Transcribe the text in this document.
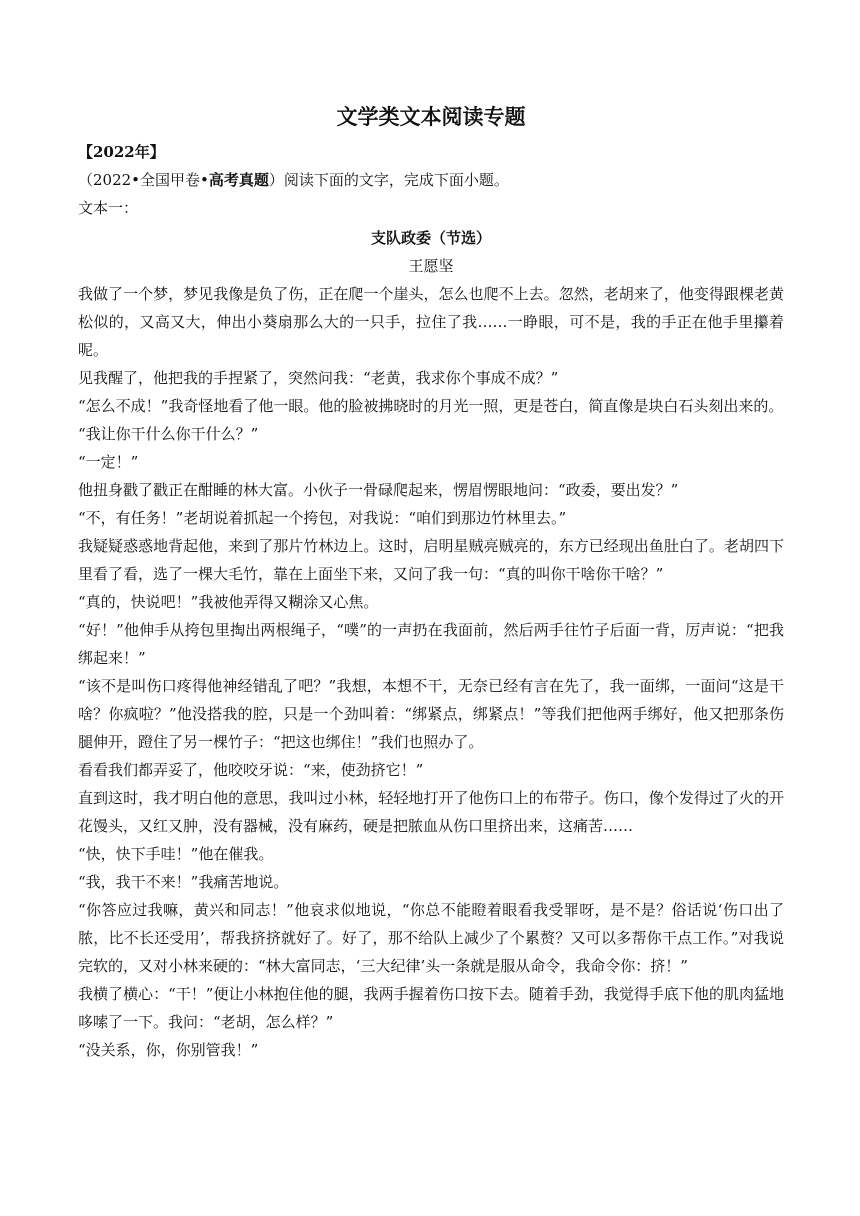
文学类文本阅读专题
【2022年】

（2022•全国甲卷•高考真题）阅读下面的文字，完成下面小题。

文本一：

支队政委（节选）
王愿坚

我做了一个梦，梦见我像是负了伤，正在爬一个崖头，怎么也爬不上去。忽然，老胡来了，他变得跟棵老黄松似的，又高又大，伸出小葵扇那么大的一只手，拉住了我……一睁眼，可不是，我的手正在他手里攥着呢。

见我醒了，他把我的手捏紧了，突然问我：“老黄，我求你个事成不成？”

“怎么不成！”我奇怪地看了他一眼。他的脸被拂晓时的月光一照，更是苍白，简直像是块白石头刻出来的。

“我让你干什么你干什么？”

“一定！”

他扭身戳了戳正在酣睡的林大富。小伙子一骨碌爬起来，愣眉愣眼地问：“政委，要出发？”

“不，有任务！”老胡说着抓起一个挎包，对我说：“咱们到那边竹林里去。”

我疑疑惑惑地背起他，来到了那片竹林边上。这时，启明星贼亮贼亮的，东方已经现出鱼肚白了。老胡四下里看了看，选了一棵大毛竹，靠在上面坐下来，又问了我一句：“真的叫你干啥你干啥？”

“真的，快说吧！”我被他弄得又糊涂又心焦。

“好！”他伸手从挎包里掏出两根绳子，“噗”的一声扔在我面前，然后两手往竹子后面一背，厉声说：“把我绑起来！”

“该不是叫伤口疼得他神经错乱了吧？”我想，本想不干，无奈已经有言在先了，我一面绑，一面问“这是干啥？你疯啦？”他没搭我的腔，只是一个劲叫着：“绑紧点，绑紧点！”等我们把他两手绑好，他又把那条伤腿伸开，蹬住了另一棵竹子：“把这也绑住！”我们也照办了。

看看我们都弄妥了，他咬咬牙说：“来，使劲挤它！”

直到这时，我才明白他的意思，我叫过小林，轻轻地打开了他伤口上的布带子。伤口，像个发得过了火的开花馒头，又红又肿，没有器械，没有麻药，硬是把脓血从伤口里挤出来，这痛苦……

“快，快下手哇！”他在催我。

“我，我干不来！”我痛苦地说。

“你答应过我嘛，黄兴和同志！”他哀求似地说，“你总不能瞪着眼看我受罪呀，是不是？俗话说‘伤口出了脓，比不长还受用’，帮我挤挤就好了。好了，那不给队上减少了个累赘？又可以多帮你干点工作。”对我说完软的，又对小林来硬的：“林大富同志，‘三大纪律’头一条就是服从命令，我命令你：挤！”

我横了横心：“干！”便让小林抱住他的腿，我两手握着伤口按下去。随着手劲，我觉得手底下他的肌肉猛地哆嗦了一下。我问：“老胡，怎么样？”

“没关系，你，你别管我！”
